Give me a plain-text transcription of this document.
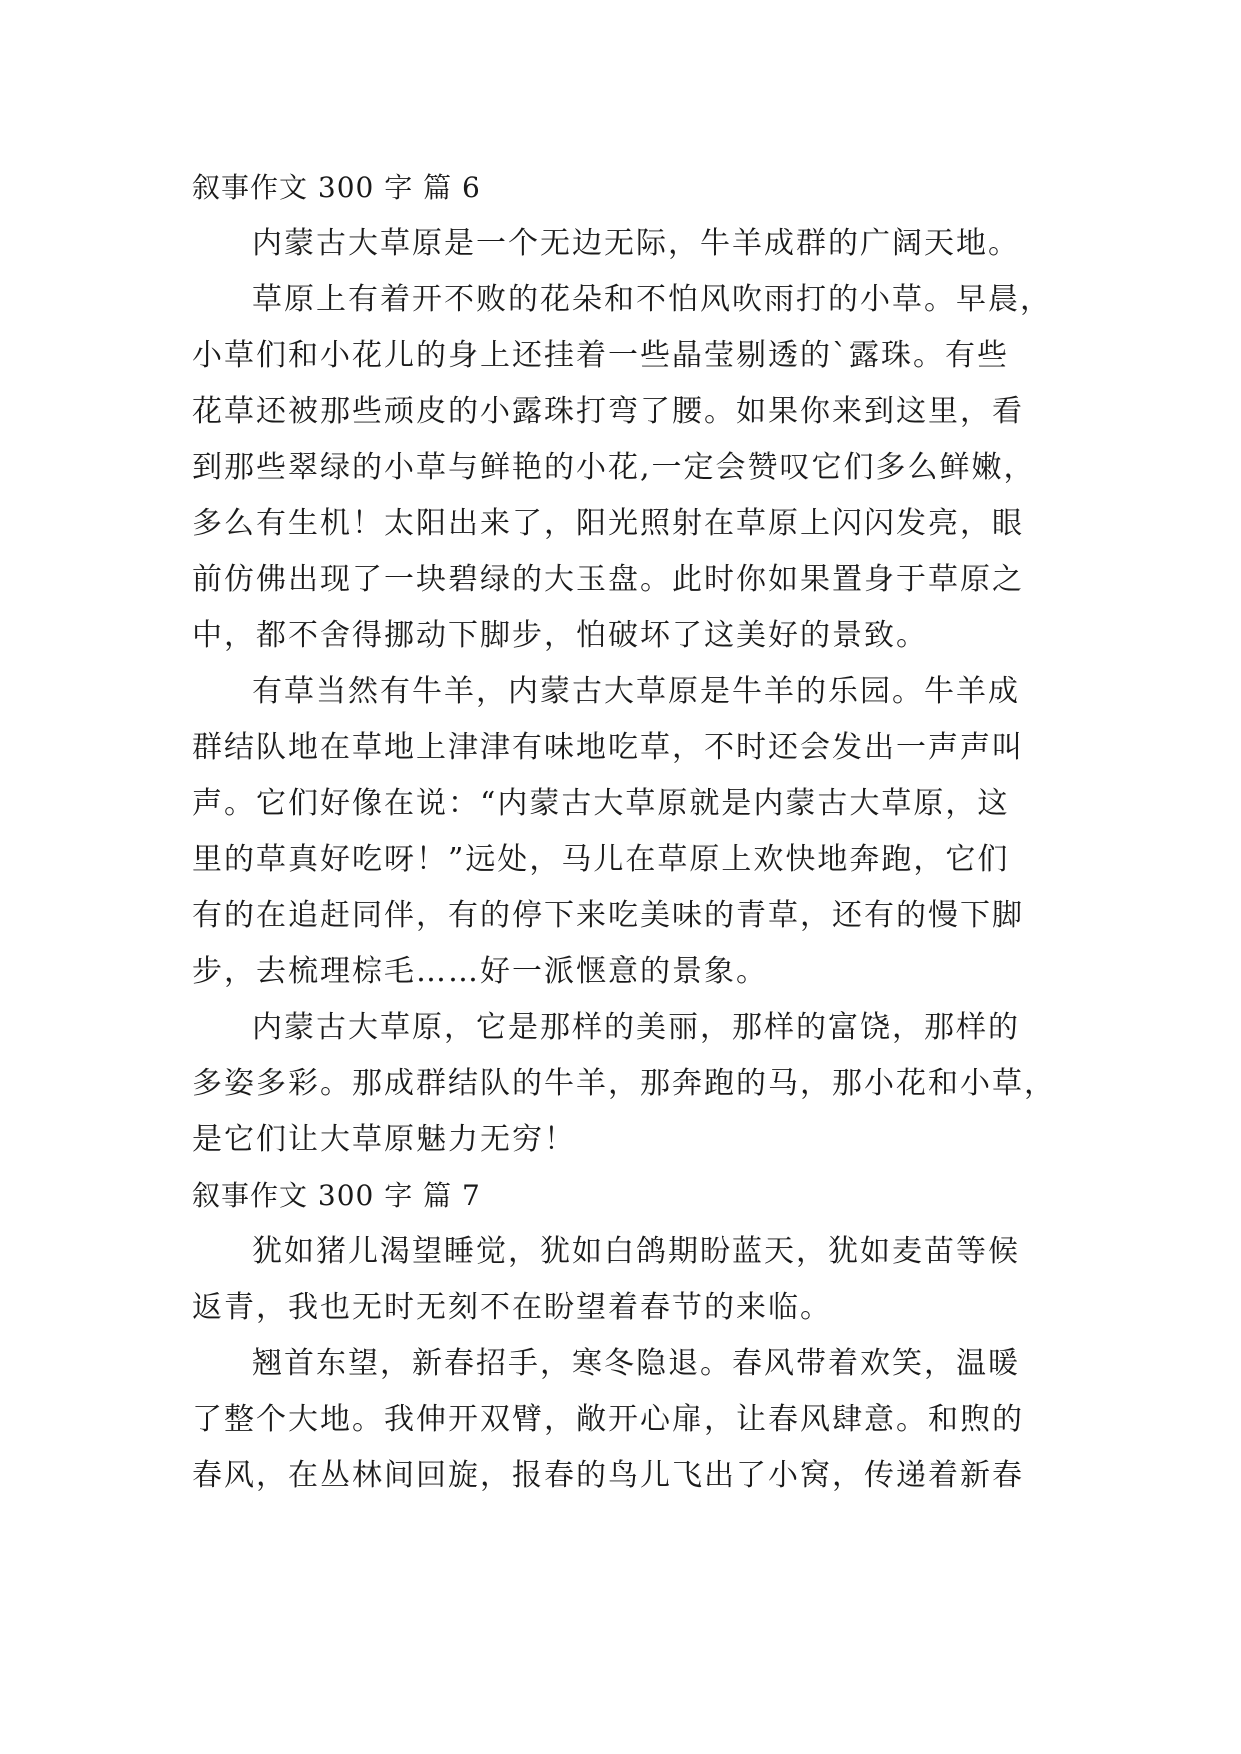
叙事作文 300 字 篇 6
内蒙古大草原是一个无边无际，牛羊成群的广阔天地。
草原上有着开不败的花朵和不怕风吹雨打的小草。早晨，
小草们和小花儿的身上还挂着一些晶莹剔透的`露珠。有些
花草还被那些顽皮的小露珠打弯了腰。如果你来到这里，看
到那些翠绿的小草与鲜艳的小花,一定会赞叹它们多么鲜嫩，
多么有生机！太阳出来了，阳光照射在草原上闪闪发亮，眼
前仿佛出现了一块碧绿的大玉盘。此时你如果置身于草原之
中，都不舍得挪动下脚步，怕破坏了这美好的景致。
有草当然有牛羊，内蒙古大草原是牛羊的乐园。牛羊成
群结队地在草地上津津有味地吃草，不时还会发出一声声叫
声。它们好像在说：“内蒙古大草原就是内蒙古大草原，这
里的草真好吃呀！”远处，马儿在草原上欢快地奔跑，它们
有的在追赶同伴，有的停下来吃美味的青草，还有的慢下脚
步，去梳理棕毛……好一派惬意的景象。
内蒙古大草原，它是那样的美丽，那样的富饶，那样的
多姿多彩。那成群结队的牛羊，那奔跑的马，那小花和小草，
是它们让大草原魅力无穷！
叙事作文 300 字 篇 7
犹如猪儿渴望睡觉，犹如白鸽期盼蓝天，犹如麦苗等候
返青，我也无时无刻不在盼望着春节的来临。
翘首东望，新春招手，寒冬隐退。春风带着欢笑，温暖
了整个大地。我伸开双臂，敞开心扉，让春风肆意。和煦的
春风，在丛林间回旋，报春的鸟儿飞出了小窝，传递着新春
